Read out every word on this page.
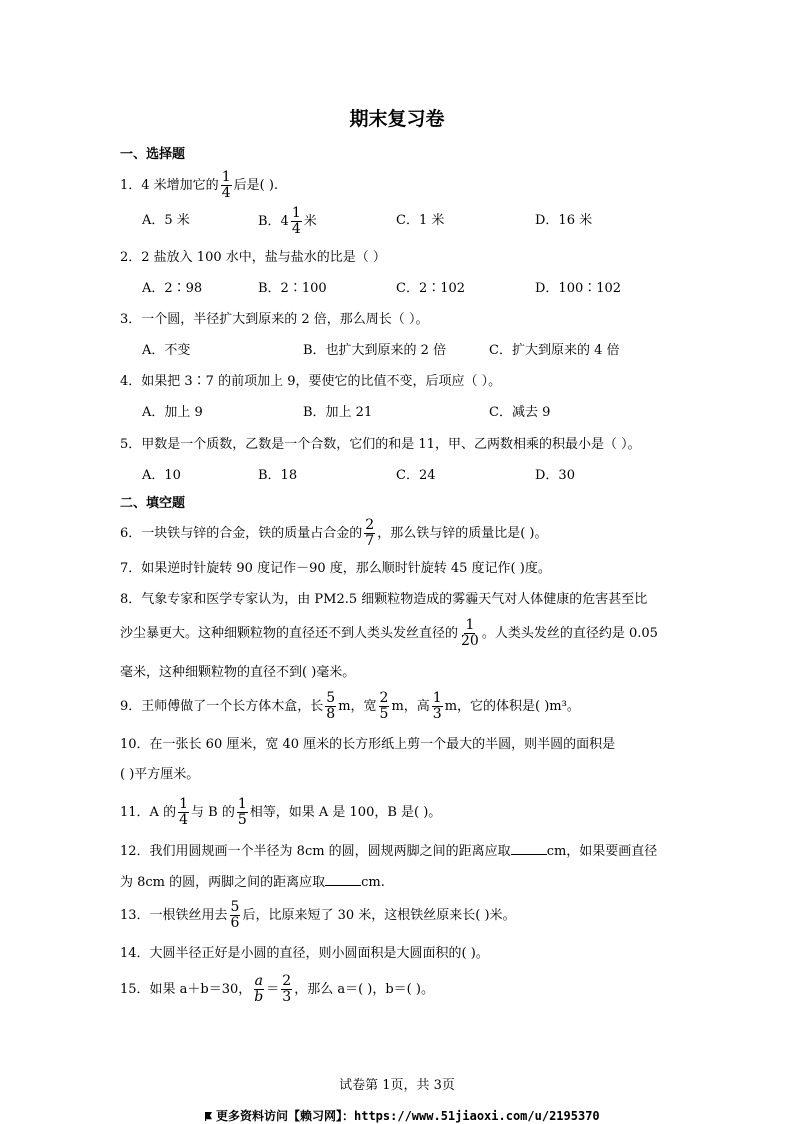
期末复习卷
一、选择题
1．4 米增加它的 $\frac{1}{4}$ 后是( ).
A．5 米	B．$4 \frac{1}{4}$ 米	C．1 米	D．16 米
2．2 盐放入 100 水中，盐与盐水的比是（ ）
A．2∶98	B．2∶100	C．2∶102	D．100∶102
3．一个圆，半径扩大到原来的 2 倍，那么周长（ ）。
A．不变	B．也扩大到原来的 2 倍	C．扩大到原来的 4 倍
4．如果把 3∶7 的前项加上 9，要使它的比值不变，后项应（ ）。
A．加上 9	B．加上 21	C．减去 9
5．甲数是一个质数，乙数是一个合数，它们的和是 11，甲、乙两数相乘的积最小是（ ）。
A．10	B．18	C．24	D．30
二、填空题
6．一块铁与锌的合金，铁的质量占合金的 $\frac{2}{7}$ ，那么铁与锌的质量比是( )。
7．如果逆时针旋转 90 度记作－90 度，那么顺时针旋转 45 度记作( )度。
8．气象专家和医学专家认为，由 PM2.5 细颗粒物造成的雾霾天气对人体健康的危害甚至比
沙尘暴更大。这种细颗粒物的直径还不到人类头发丝直径的 $\frac{1}{20}$ 。人类头发丝的直径约是 0.05
毫米，这种细颗粒物的直径不到( )毫米。
9．王师傅做了一个长方体木盒，长 $\frac{5}{8}$ m，宽 $\frac{2}{5}$ m，高 $\frac{1}{3}$ m，它的体积是( )m³。
10．在一张长 60 厘米，宽 40 厘米的长方形纸上剪一个最大的半圆，则半圆的面积是
( )平方厘米。
11．A 的 $\frac{1}{4}$ 与 B 的 $\frac{1}{5}$ 相等，如果 A 是 100，B 是( )。
12．我们用圆规画一个半径为 8cm 的圆，圆规两脚之间的距离应取	cm，如果要画直径
为 8cm 的圆，两脚之间的距离应取	cm.
13．一根铁丝用去 $\frac{5}{6}$ 后，比原来短了 30 米，这根铁丝原来长( )米。
14．大圆半径正好是小圆的直径，则小圆面积是大圆面积的( )。
15．如果 a＋b＝30， $\frac{a}{b} = \frac{2}{3}$ ，那么 a＝( )，b＝( )。
试卷第 1页，共 3页
更多资料访问【赖习网】：https://www.51jiaoxi.com/u/2195370
